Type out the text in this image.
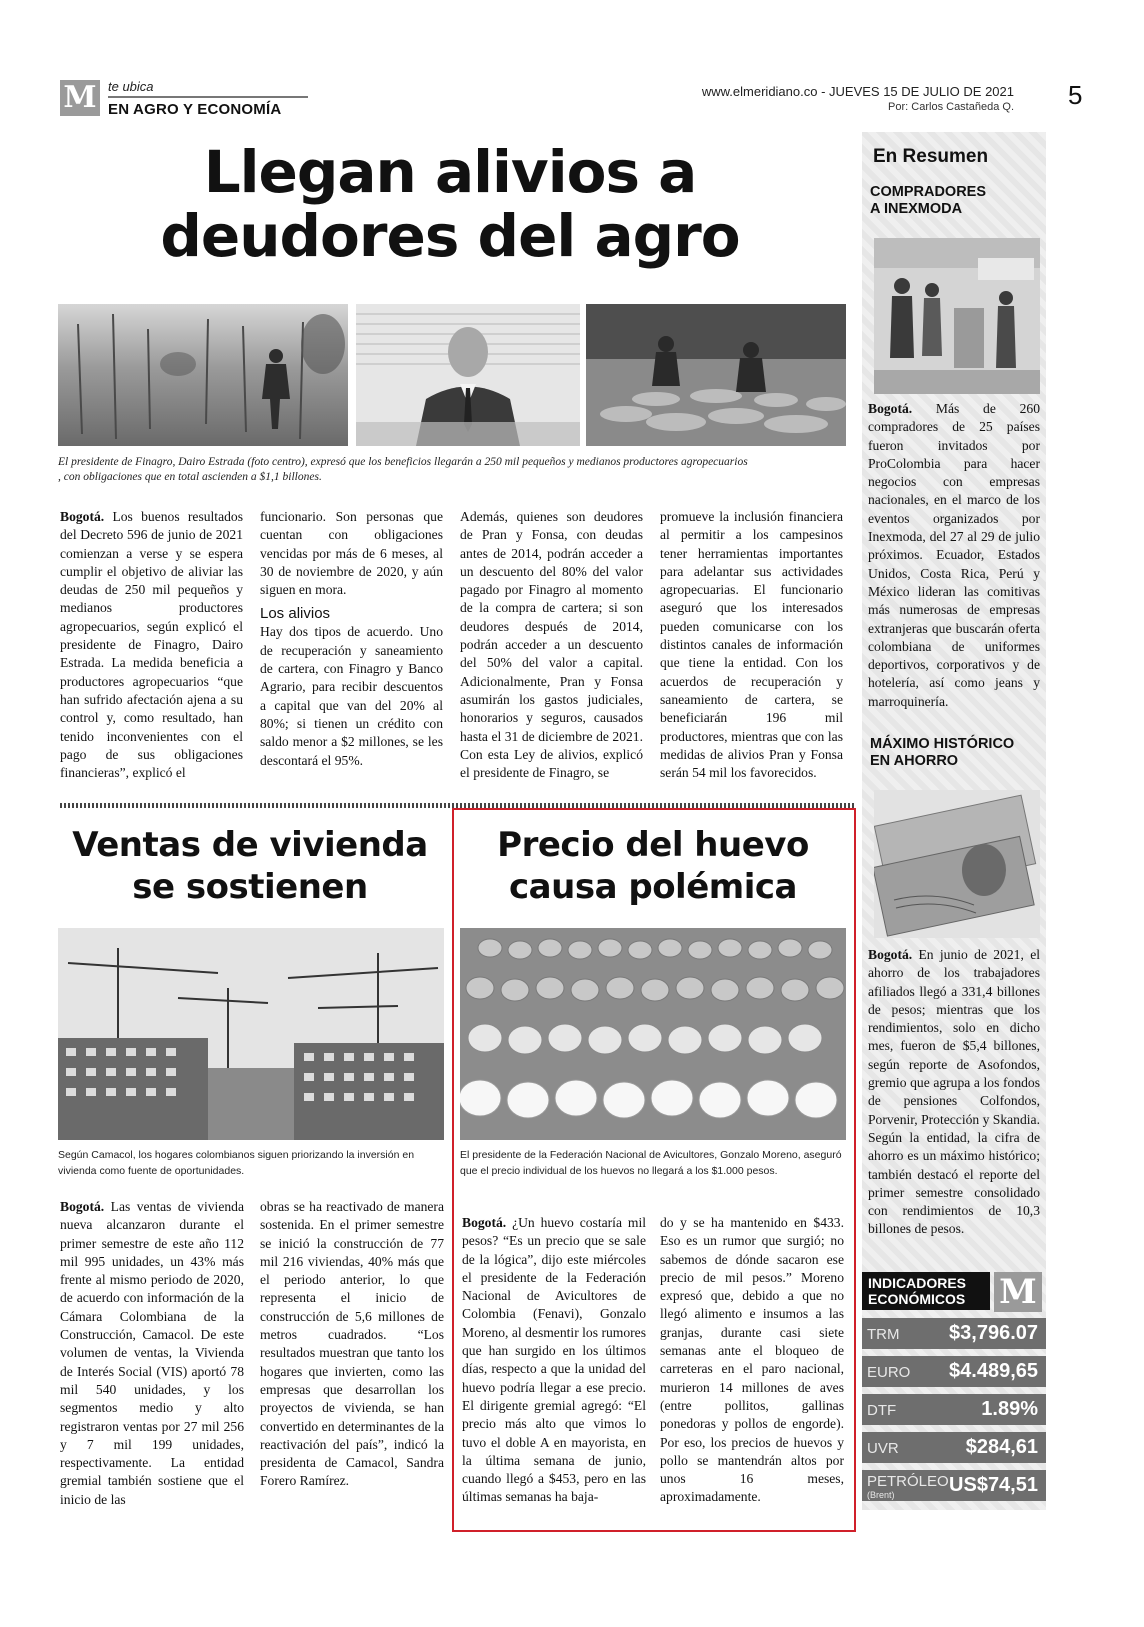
M te ubica
EN AGRO Y ECONOMÍA
www.elmeridiano.co - JUEVES 15 DE JULIO DE 2021
Por: Carlos Castañeda Q. 5
Llegan alivios a
deudores del agro
El presidente de Finagro, Dairo Estrada (foto centro), expresó que los beneficios llegarán a 250 mil pequeños y medianos productores agropecuarios
, con obligaciones que en total ascienden a $1,1 billones.
Bogotá. Los buenos resultados del Decreto 596 de junio de 2021 comienzan a verse y se espera cumplir el objetivo de aliviar las deudas de 250 mil pequeños y medianos productores agropecuarios, según explicó el presidente de Finagro, Dairo Estrada. La medida beneficia a productores agropecuarios “que han sufrido afectación ajena a su control y, como resultado, han tenido inconvenientes con el pago de sus obligaciones financieras”, explicó el
funcionario. Son personas que cuentan con obligaciones vencidas por más de 6 meses, al 30 de noviembre de 2020, y aún siguen en mora.
Los alivios
Hay dos tipos de acuerdo. Uno de recuperación y saneamiento de cartera, con Finagro y Banco Agrario, para recibir descuentos a capital que van del 20% al 80%; si tienen un crédito con saldo menor a $2 millones, se les descontará el 95%.
Además, quienes son deudores de Pran y Fonsa, con deudas antes de 2014, podrán acceder a un descuento del 80% del valor pagado por Finagro al momento de la compra de cartera; si son deudores después de 2014, podrán acceder a un descuento del 50% del valor a capital. Adicionalmente, Pran y Fonsa asumirán los gastos judiciales, honorarios y seguros, causados hasta el 31 de diciembre de 2021. Con esta Ley de alivios, explicó el presidente de Finagro, se
promueve la inclusión financiera al permitir a los campesinos tener herramientas importantes para adelantar sus actividades agropecuarias. El funcionario aseguró que los interesados pueden comunicarse con los distintos canales de información que tiene la entidad. Con los acuerdos de recuperación y saneamiento de cartera, se beneficiarán 196 mil productores, mientras que con las medidas de alivios Pran y Fonsa serán 54 mil los favorecidos.
Ventas de vivienda
se sostienen
Según Camacol, los hogares colombianos siguen priorizando la inversión en vivienda como fuente de oportunidades.
Bogotá. Las ventas de vivienda nueva alcanzaron durante el primer semestre de este año 112 mil 995 unidades, un 43% más frente al mismo periodo de 2020, de acuerdo con información de la Cámara Colombiana de la Construcción, Camacol. De este volumen de ventas, la Vivienda de Interés Social (VIS) aportó 78 mil 540 unidades, y los segmentos medio y alto registraron ventas por 27 mil 256 y 7 mil 199 unidades, respectivamente. La entidad gremial también sostiene que el inicio de las
obras se ha reactivado de manera sostenida. En el primer semestre se inició la construcción de 77 mil 216 viviendas, 40% más que el periodo anterior, lo que representa el inicio de construcción de 5,6 millones de metros cuadrados. “Los resultados muestran que tanto los hogares que invierten, como las empresas que desarrollan los proyectos de vivienda, se han convertido en determinantes de la reactivación del país”, indicó la presidenta de Camacol, Sandra Forero Ramírez.
Precio del huevo
causa polémica
El presidente de la Federación Nacional de Avicultores, Gonzalo Moreno, aseguró que el precio individual de los huevos no llegará a los $1.000 pesos.
Bogotá. ¿Un huevo costaría mil pesos? “Es un precio que se sale de la lógica”, dijo este miércoles el presidente de la Federación Nacional de Avicultores de Colombia (Fenavi), Gonzalo Moreno, al desmentir los rumores que han surgido en los últimos días, respecto a que la unidad del huevo podría llegar a ese precio. El dirigente gremial agregó: “El precio más alto que vimos lo tuvo el doble A en mayorista, en la última semana de junio, cuando llegó a $453, pero en las últimas semanas ha baja-
do y se ha mantenido en $433. Eso es un rumor que surgió; no sabemos de dónde sacaron ese precio de mil pesos.” Moreno expresó que, debido a que no llegó alimento e insumos a las granjas, durante casi siete semanas ante el bloqueo de carreteras en el paro nacional, murieron 14 millones de aves (entre pollitos, gallinas ponedoras y pollos de engorde). Por eso, los precios de huevos y pollo se mantendrán altos por unos 16 meses, aproximadamente.
En Resumen
COMPRADORES
A INEXMODA
Bogotá. Más de 260 compradores de 25 países fueron invitados por ProColombia para hacer negocios con empresas nacionales, en el marco de los eventos organizados por Inexmoda, del 27 al 29 de julio próximos. Ecuador, Estados Unidos, Costa Rica, Perú y México lideran las comitivas más numerosas de empresas extranjeras que buscarán oferta colombiana de uniformes deportivos, corporativos y de hotelería, así como jeans y marroquinería.
MÁXIMO HISTÓRICO
EN AHORRO
Bogotá. En junio de 2021, el ahorro de los trabajadores afiliados llegó a 331,4 billones de pesos; mientras que los rendimientos, solo en dicho mes, fueron de $5,4 billones, según reporte de Asofondos, gremio que agrupa a los fondos de pensiones Colfondos, Porvenir, Protección y Skandia. Según la entidad, la cifra de ahorro es un máximo histórico; también destacó el reporte del primer semestre consolidado con rendimientos de 10,3 billones de pesos.
INDICADORES
ECONÓMICOS M
TRM $3,796.07
EURO $4.489,65
DTF	1.89%
UVR	$284,61
PETRÓLEO
(Brent)	US$74,51
